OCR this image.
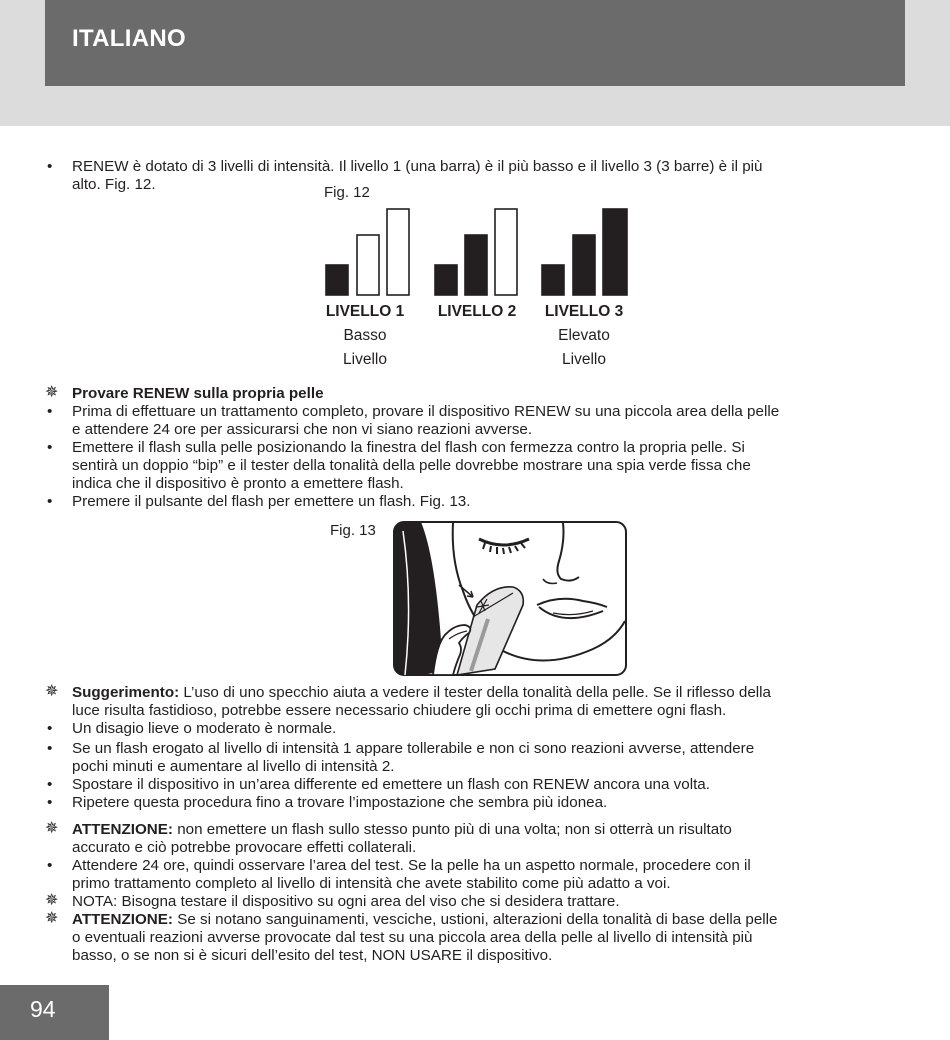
ITALIANO
•	RENEW è dotato di 3 livelli di intensità. Il livello 1 (una barra) è il più basso e il livello 3 (3 barre) è il più
alto. Fig. 12.	Fig. 12
LIVELLO 1
Basso
Livello
LIVELLO 2	LIVELLO 3
Elevato
Livello
✵ Provare RENEW sulla propria pelle
•	Prima di effettuare un trattamento completo, provare il dispositivo RENEW su una piccola area della pelle
e attendere 24 ore per assicurarsi che non vi siano reazioni avverse.
•	Emettere il flash sulla pelle posizionando la finestra del flash con fermezza contro la propria pelle. Si
sentirà un doppio “bip” e il tester della tonalità della pelle dovrebbe mostrare una spia verde fissa che
indica che il dispositivo è pronto a emettere flash.
•	Premere il pulsante del flash per emettere un flash. Fig. 13.
Fig. 13
✵ Suggerimento: L’uso di uno specchio aiuta a vedere il tester della tonalità della pelle. Se il riflesso della
luce risulta fastidioso, potrebbe essere necessario chiudere gli occhi prima di emettere ogni flash.
•	Un disagio lieve o moderato è normale.
•	Se un flash erogato al livello di intensità 1 appare tollerabile e non ci sono reazioni avverse, attendere
pochi minuti e aumentare al livello di intensità 2.
•	Spostare il dispositivo in un’area differente ed emettere un flash con RENEW ancora una volta.
•	Ripetere questa procedura fino a trovare l’impostazione che sembra più idonea.
✵ ATTENZIONE: non emettere un flash sullo stesso punto più di una volta; non si otterrà un risultato
accurato e ciò potrebbe provocare effetti collaterali.
•	Attendere 24 ore, quindi osservare l’area del test. Se la pelle ha un aspetto normale, procedere con il
primo trattamento completo al livello di intensità che avete stabilito come più adatto a voi.
✵ NOTA: Bisogna testare il dispositivo su ogni area del viso che si desidera trattare.
✵ ATTENZIONE: Se si notano sanguinamenti, vesciche, ustioni, alterazioni della tonalità di base della pelle
o eventuali reazioni avverse provocate dal test su una piccola area della pelle al livello di intensità più
basso, o se non si è sicuri dell’esito del test, NON USARE il dispositivo.
94
